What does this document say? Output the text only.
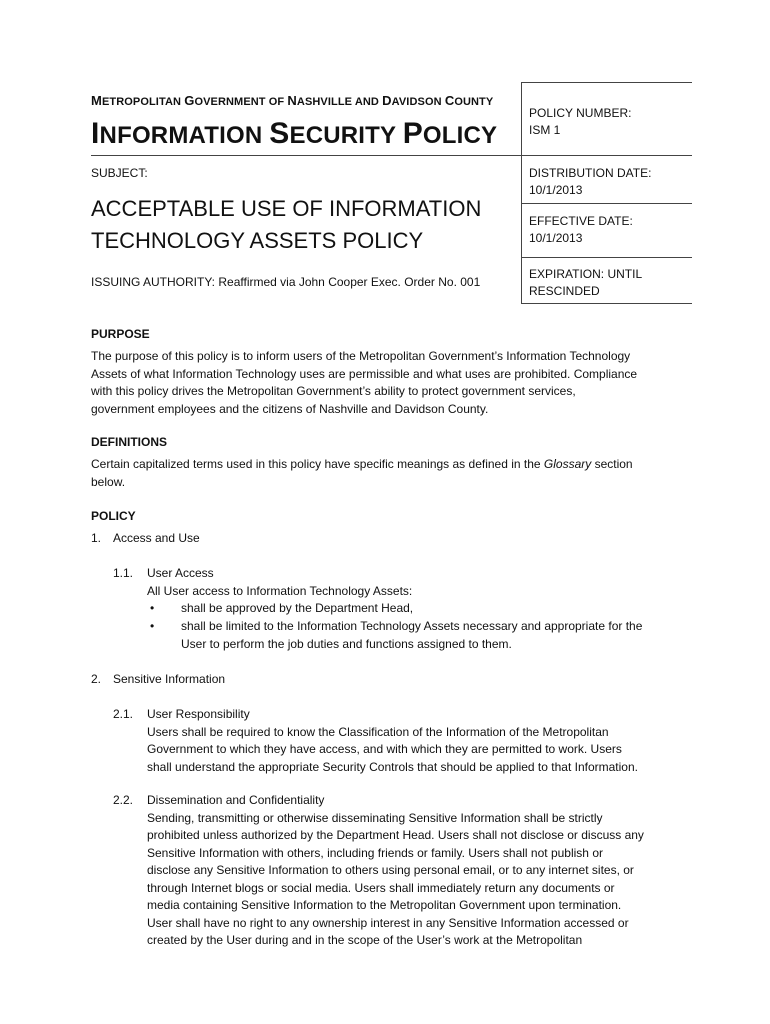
METROPOLITAN GOVERNMENT OF NASHVILLE AND DAVIDSON COUNTY
INFORMATION SECURITY POLICY
SUBJECT:
ACCEPTABLE USE OF INFORMATION
TECHNOLOGY ASSETS POLICY
ISSUING AUTHORITY: Reaffirmed via John Cooper Exec. Order No. 001
POLICY NUMBER:
ISM 1
DISTRIBUTION DATE:
10/1/2013
EFFECTIVE DATE:
10/1/2013
EXPIRATION: UNTIL
RESCINDED
PURPOSE
The purpose of this policy is to inform users of the Metropolitan Government’s Information Technology
Assets of what Information Technology uses are permissible and what uses are prohibited. Compliance
with this policy drives the Metropolitan Government’s ability to protect government services,
government employees and the citizens of Nashville and Davidson County.
DEFINITIONS
Certain capitalized terms used in this policy have specific meanings as defined in the Glossary section
below.
POLICY
1. Access and Use
1.1. User Access
All User access to Information Technology Assets:
• shall be approved by the Department Head,
• shall be limited to the Information Technology Assets necessary and appropriate for the
User to perform the job duties and functions assigned to them.
2. Sensitive Information
2.1. User Responsibility
Users shall be required to know the Classification of the Information of the Metropolitan
Government to which they have access, and with which they are permitted to work. Users
shall understand the appropriate Security Controls that should be applied to that Information.
2.2. Dissemination and Confidentiality
Sending, transmitting or otherwise disseminating Sensitive Information shall be strictly
prohibited unless authorized by the Department Head. Users shall not disclose or discuss any
Sensitive Information with others, including friends or family. Users shall not publish or
disclose any Sensitive Information to others using personal email, or to any internet sites, or
through Internet blogs or social media. Users shall immediately return any documents or
media containing Sensitive Information to the Metropolitan Government upon termination.
User shall have no right to any ownership interest in any Sensitive Information accessed or
created by the User during and in the scope of the User’s work at the Metropolitan
